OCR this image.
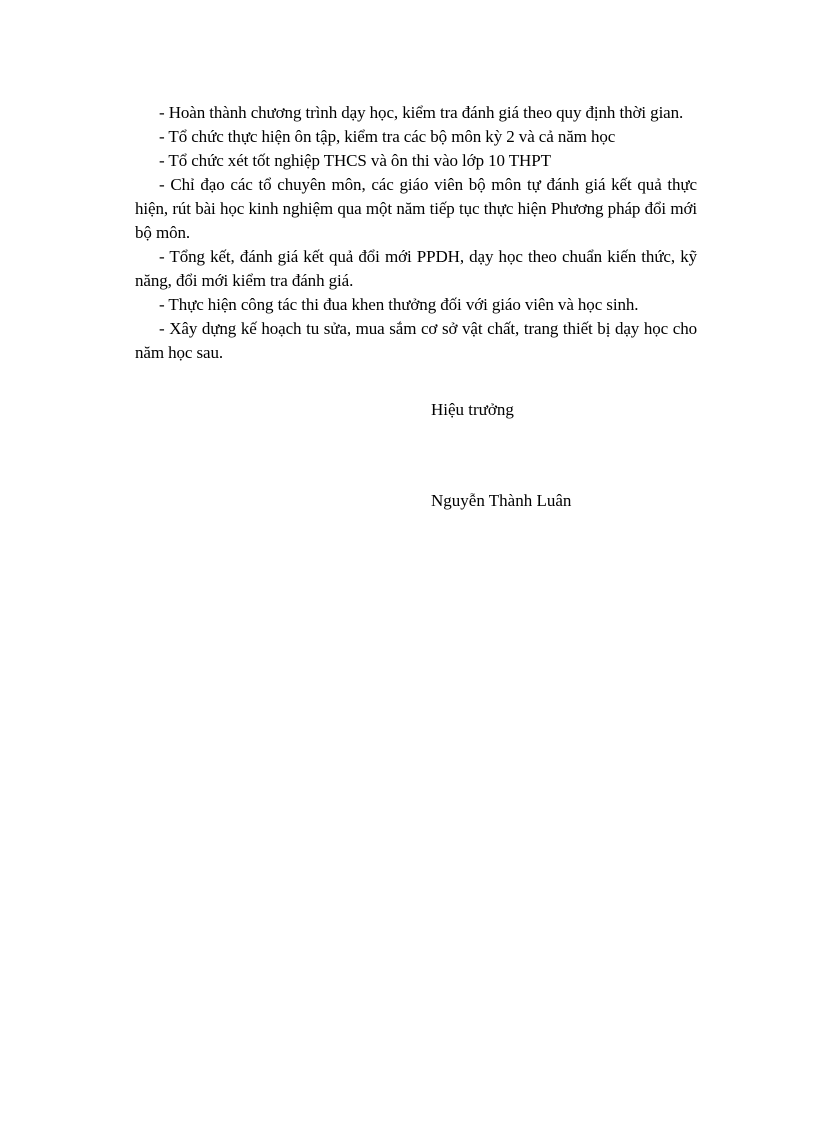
- Hoàn thành chương trình dạy học, kiểm tra đánh giá theo quy định thời gian.

- Tổ chức thực hiện ôn tập, kiểm tra các bộ môn kỳ 2 và cả năm học

- Tổ chức xét tốt nghiệp THCS và ôn thi vào lớp 10 THPT

- Chỉ đạo các tổ chuyên môn, các giáo viên bộ môn tự đánh giá kết quả thực hiện, rút bài học kinh nghiệm qua một năm tiếp tục thực hiện Phương pháp đổi mới bộ môn.

- Tổng kết, đánh giá kết quả đổi mới PPDH, dạy học theo chuẩn kiến thức, kỹ năng, đổi mới kiểm tra đánh giá.

- Thực hiện công tác thi đua khen thưởng đối với giáo viên và học sinh.

- Xây dựng kế hoạch tu sửa, mua sắm cơ sở vật chất, trang thiết bị dạy học cho năm học sau.

Hiệu trưởng

Nguyễn Thành Luân
